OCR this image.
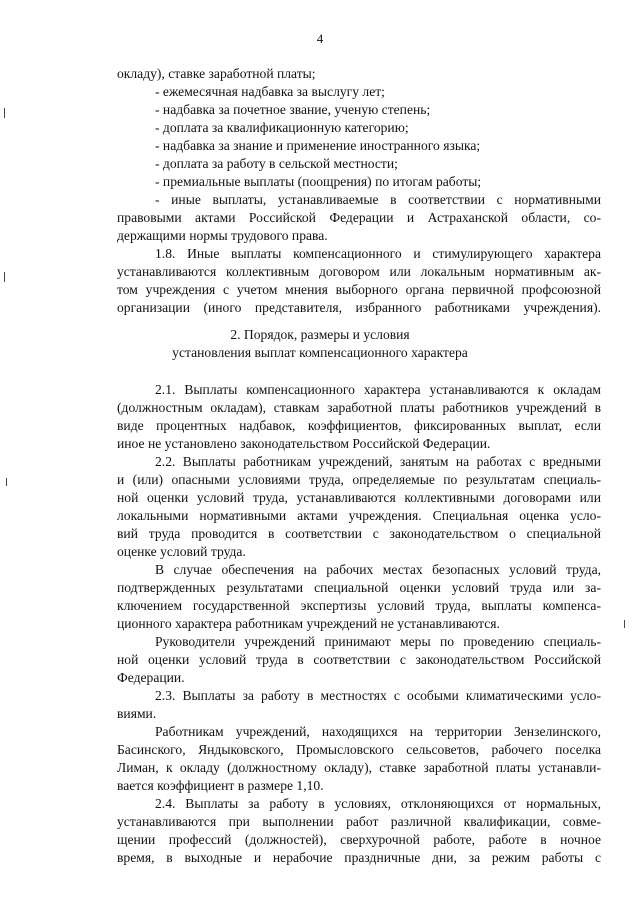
4
окладу), ставке заработной платы;
- ежемесячная надбавка за выслугу лет;
- надбавка за почетное звание, ученую степень;
- доплата за квалификационную категорию;
- надбавка за знание и применение иностранного языка;
- доплата за работу в сельской местности;
- премиальные выплаты (поощрения) по итогам работы;
- иные выплаты, устанавливаемые в соответствии с нормативными
правовыми актами Российской Федерации и Астраханской области, со-
держащими нормы трудового права.
1.8. Иные выплаты компенсационного и стимулирующего характера
устанавливаются коллективным договором или локальным нормативным ак-
том учреждения с учетом мнения выборного органа первичной профсоюзной
организации (иного представителя, избранного работниками учреждения).
2. Порядок, размеры и условия
установления выплат компенсационного характера
2.1. Выплаты компенсационного характера устанавливаются к окладам
(должностным окладам), ставкам заработной платы работников учреждений в
виде процентных надбавок, коэффициентов, фиксированных выплат, если
иное не установлено законодательством Российской Федерации.
2.2. Выплаты работникам учреждений, занятым на работах с вредными
и (или) опасными условиями труда, определяемые по результатам специаль-
ной оценки условий труда, устанавливаются коллективными договорами или
локальными нормативными актами учреждения. Специальная оценка усло-
вий труда проводится в соответствии с законодательством о специальной
оценке условий труда.
В случае обеспечения на рабочих местах безопасных условий труда,
подтвержденных результатами специальной оценки условий труда или за-
ключением государственной экспертизы условий труда, выплаты компенса-
ционного характера работникам учреждений не устанавливаются.
Руководители учреждений принимают меры по проведению специаль-
ной оценки условий труда в соответствии с законодательством Российской
Федерации.
2.3. Выплаты за работу в местностях с особыми климатическими усло-
виями.
Работникам учреждений, находящихся на территории Зензелинского,
Басинского, Яндыковского, Промысловского сельсоветов, рабочего поселка
Лиман, к окладу (должностному окладу), ставке заработной платы устанавли-
вается коэффициент в размере 1,10.
2.4. Выплаты за работу в условиях, отклоняющихся от нормальных,
устанавливаются при выполнении работ различной квалификации, совме-
щении профессий (должностей), сверхурочной работе, работе в ночное
время, в выходные и нерабочие праздничные дни, за режим работы с
